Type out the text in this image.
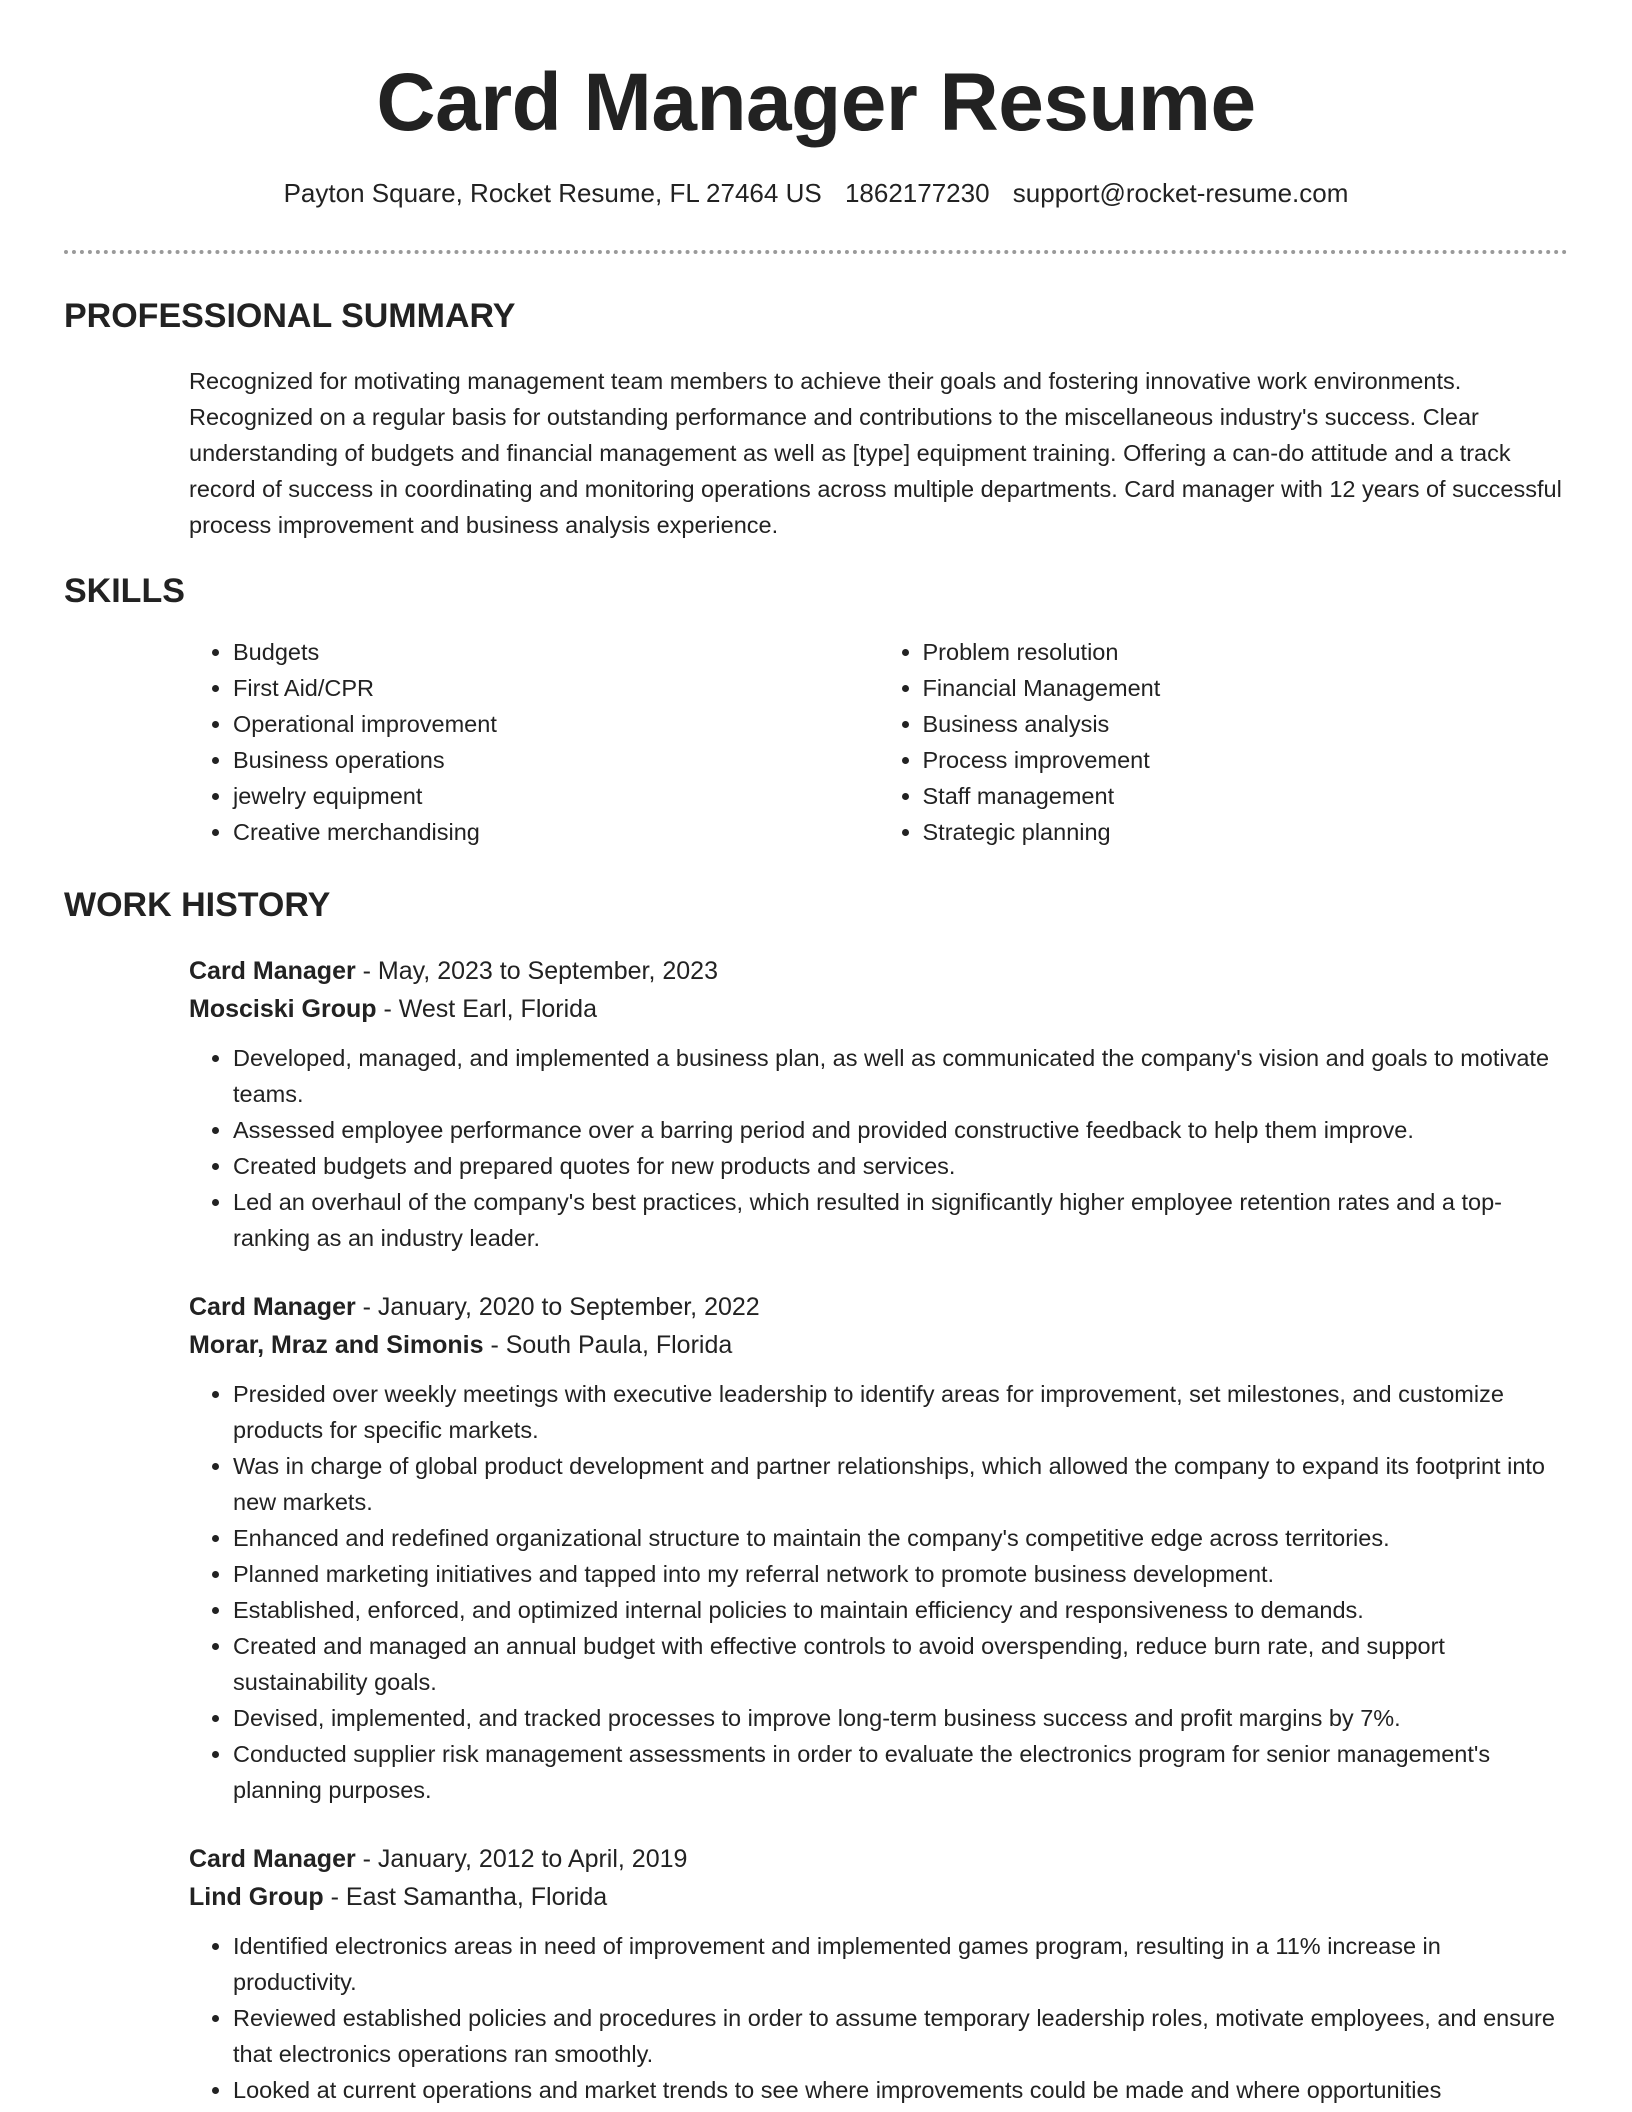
Card Manager Resume
Payton Square, Rocket Resume, FL 27464 US 1862177230 support@rocket-resume.com
PROFESSIONAL SUMMARY
Recognized for motivating management team members to achieve their goals and fostering innovative work environments. Recognized on a regular basis for outstanding performance and contributions to the miscellaneous industry's success. Clear understanding of budgets and financial management as well as [type] equipment training. Offering a can-do attitude and a track record of success in coordinating and monitoring operations across multiple departments. Card manager with 12 years of successful process improvement and business analysis experience.
SKILLS
• Budgets
• First Aid/CPR
• Operational improvement
• Business operations
• jewelry equipment
• Creative merchandising
• Problem resolution
• Financial Management
• Business analysis
• Process improvement
• Staff management
• Strategic planning
WORK HISTORY
Card Manager - May, 2023 to September, 2023
Mosciski Group - West Earl, Florida
• Developed, managed, and implemented a business plan, as well as communicated the company's vision and goals to motivate teams.
• Assessed employee performance over a barring period and provided constructive feedback to help them improve.
• Created budgets and prepared quotes for new products and services.
• Led an overhaul of the company's best practices, which resulted in significantly higher employee retention rates and a top-ranking as an industry leader.
Card Manager - January, 2020 to September, 2022
Morar, Mraz and Simonis - South Paula, Florida
• Presided over weekly meetings with executive leadership to identify areas for improvement, set milestones, and customize products for specific markets.
• Was in charge of global product development and partner relationships, which allowed the company to expand its footprint into new markets.
• Enhanced and redefined organizational structure to maintain the company's competitive edge across territories.
• Planned marketing initiatives and tapped into my referral network to promote business development.
• Established, enforced, and optimized internal policies to maintain efficiency and responsiveness to demands.
• Created and managed an annual budget with effective controls to avoid overspending, reduce burn rate, and support sustainability goals.
• Devised, implemented, and tracked processes to improve long-term business success and profit margins by 7%.
• Conducted supplier risk management assessments in order to evaluate the electronics program for senior management's planning purposes.
Card Manager - January, 2012 to April, 2019
Lind Group - East Samantha, Florida
• Identified electronics areas in need of improvement and implemented games program, resulting in a 11% increase in productivity.
• Reviewed established policies and procedures in order to assume temporary leadership roles, motivate employees, and ensure that electronics operations ran smoothly.
• Looked at current operations and market trends to see where improvements could be made and where opportunities
